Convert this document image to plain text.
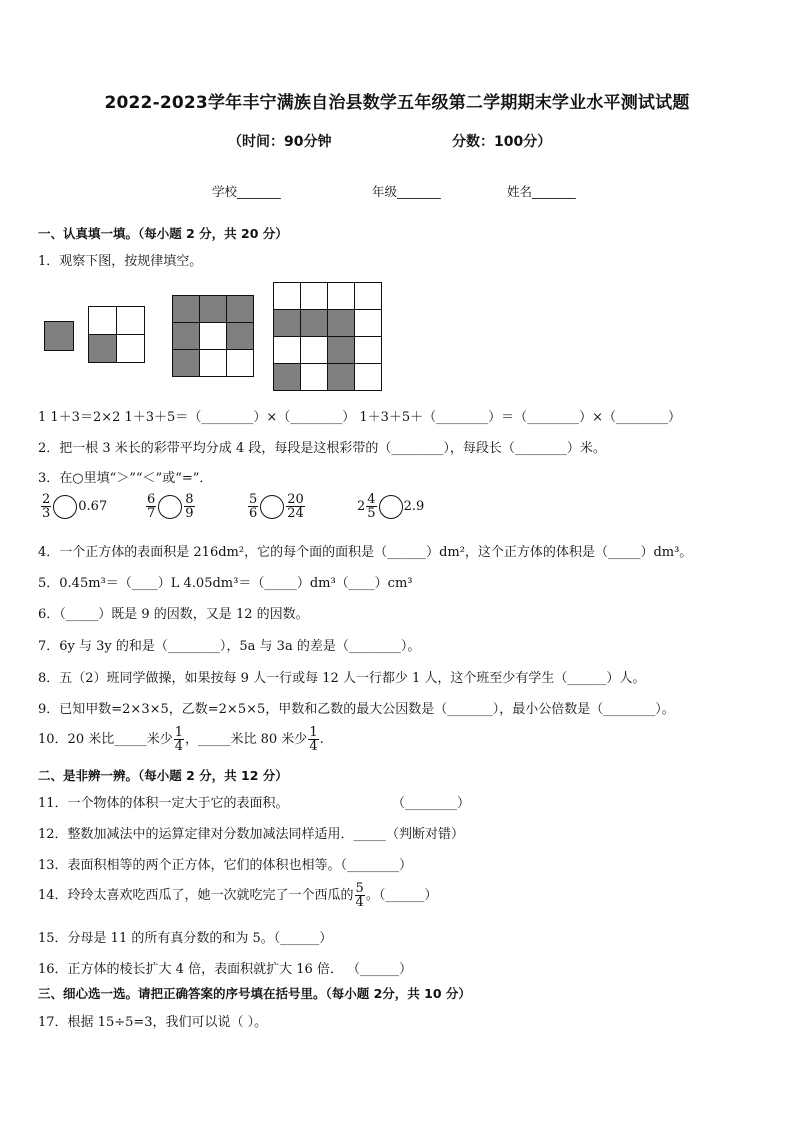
2022-2023学年丰宁满族自治县数学五年级第二学期期末学业水平测试试题
（时间：90分钟	分数：100分）
学校_______	年级_______	姓名_______
一、认真填一填。（每小题 2 分，共 20 分）
1．观察下图，按规律填空。

1 1＋3＝2×2 1＋3＋5＝（________）×（________） 1＋3＋5＋（________）＝（________）×（________）
2．把一根 3 米长的彩带平均分成 4 段，每段是这根彩带的（________），每段长（________）米。
3．在○里填“＞”“＜”或“=”．
$\frac{2}{3} 0.67$	$\frac{6}{7} \frac{8}{9}$	$\frac{5}{6} \frac{20}{24}$	$2 \frac{4}{5} 2.9$
4．一个正方体的表面积是 216dm²，它的每个面的面积是（______）dm²，这个正方体的体积是（_____）dm³。
5．0.45m³＝（____）L 4.05dm³＝（_____）dm³（____）cm³
6．（_____）既是 9 的因数，又是 12 的因数。
7．6y 与 3y 的和是（________），5a 与 3a 的差是（________）。
8．五（2）班同学做操，如果按每 9 人一行或每 12 人一行都少 1 人，这个班至少有学生（______）人。
9．已知甲数=2×3×5，乙数=2×5×5，甲数和乙数的最大公因数是（_______），最小公倍数是（________）。
10．20 米比_____米少 $\frac{1}{4}$ ，_____米比 80 米少 $\frac{1}{4}$ .
二、是非辨一辨。（每小题 2 分，共 12 分）
11．一个物体的体积一定大于它的表面积。	（________）
12．整数加减法中的运算定律对分数加减法同样适用．_____（判断对错）
13．表面积相等的两个正方体，它们的体积也相等。（________）
14．玲玲太喜欢吃西瓜了，她一次就吃完了一个西瓜的 $\frac{5}{4}$ 。（______）
15．分母是 11 的所有真分数的和为 5。（______）
16．正方体的棱长扩大 4 倍，表面积就扩大 16 倍． （______）
三、细心选一选。请把正确答案的序号填在括号里。（每小题 2分，共 10 分）
17．根据 15÷5=3，我们可以说（ ）。
